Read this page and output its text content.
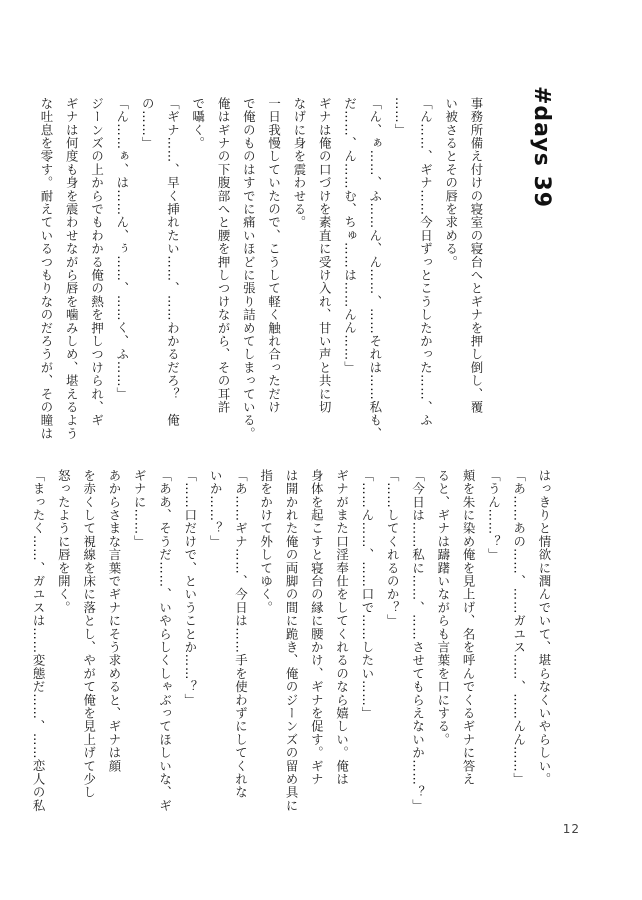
#days 39

事務所備え付けの寝室の寝台へとギナを押し倒し、覆

い被さるとその唇を求める。

「ん……、ギナ……今日ずっとこうしたかった……、ふ

……」

「ん、ぁ……、ふ……ん、ん……、……それは……私も、

だ……、ん……む、ちゅ……は……んん……」

ギナは俺の口づけを素直に受け入れ、甘い声と共に切

なげに身を震わせる。

一日我慢していたので、こうして軽く触れ合っただけ

で俺のものはすでに痛いほどに張り詰めてしまっている。

俺はギナの下腹部へと腰を押しつけながら、その耳許

で囁く。

「ギナ……、早く挿れたい……、……わかるだろ？　俺

の……」

「ん……ぁ、は……ん、ぅ……、……く、ふ……」

ジーンズの上からでもわかる俺の熱を押しつけられ、ギ

ギナは何度も身を震わせながら唇を噛みしめ、堪えるよう

な吐息を零す。耐えているつもりなのだろうが、その瞳は

はっきりと情欲に潤んでいて、堪らなくいやらしい。

「あ……あの……、……ガユス……、……んん……」

「うん……？」

頬を朱に染め俺を見上げ、名を呼んでくるギナに答え

ると、ギナは躊躇いながらも言葉を口にする。

「今日は……私に……、……させてもらえないか……？」

「……してくれるのか？」

「……ん……、……口で……したい……」

ギナがまた口淫奉仕をしてくれるのなら嬉しい。俺は

身体を起こすと寝台の縁に腰かけ、ギナを促す。ギナ

は開かれた俺の両脚の間に跪き、俺のジーンズの留め具に

指をかけて外してゆく。

「あ……ギナ……、今日は……手を使わずにしてくれな

いか……？」

「……口だけで、ということか……？」

「ああ、そうだ……、いやらしくしゃぶってほしいな、ギ

ギナに……」

あからさまな言葉でギナにそう求めると、ギナは顔

を赤くして視線を床に落とし、やがて俺を見上げて少し

怒ったように唇を開く。

「まったく……、ガユスは……変態だ……、……恋人の私

12
